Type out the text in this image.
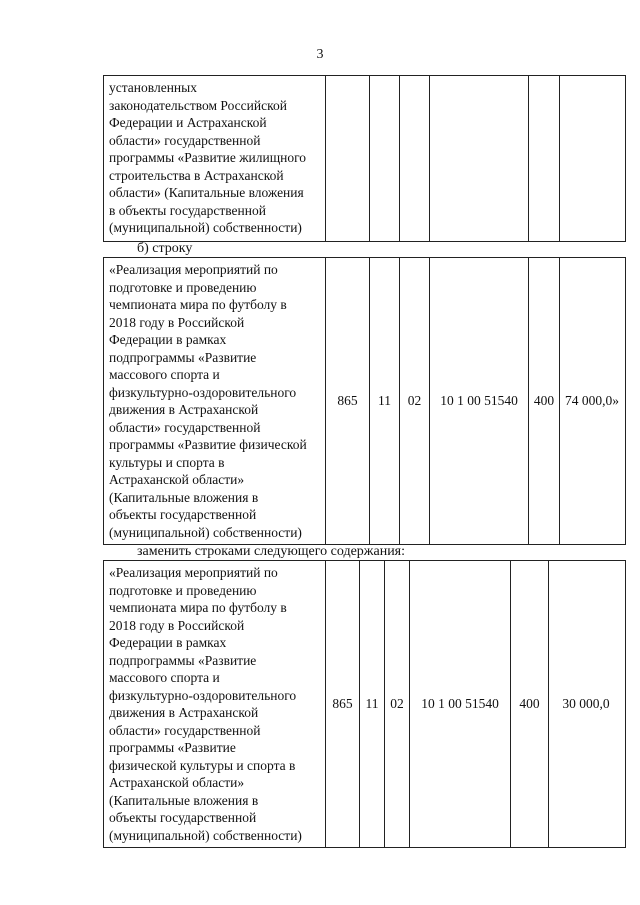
3
установленных
законодательством Российской
Федерации и Астраханской
области» государственной
программы «Развитие жилищного
строительства в Астраханской
области» (Капитальные вложения
в объекты государственной
(муниципальной) собственности)

б) строку
«Реализация мероприятий по
подготовке и проведению
чемпионата мира по футболу в
2018 году в Российской
Федерации в рамках
подпрограммы «Развитие
массового спорта и
физкультурно-оздоровительного
движения в Астраханской
области» государственной
программы «Развитие физической
культуры и спорта в
Астраханской области»
(Капитальные вложения в
объекты государственной
(муниципальной) собственности)
	865	11	02	10 1 00 51540	400	74 000,0»
заменить строками следующего содержания:
«Реализация мероприятий по
подготовке и проведению
чемпионата мира по футболу в
2018 году в Российской
Федерации в рамках
подпрограммы «Развитие
массового спорта и
физкультурно-оздоровительного
движения в Астраханской
области» государственной
программы «Развитие
физической культуры и спорта в
Астраханской области»
(Капитальные вложения в
объекты государственной
(муниципальной) собственности)
	865	11	02	10 1 00 51540	400	30 000,0
